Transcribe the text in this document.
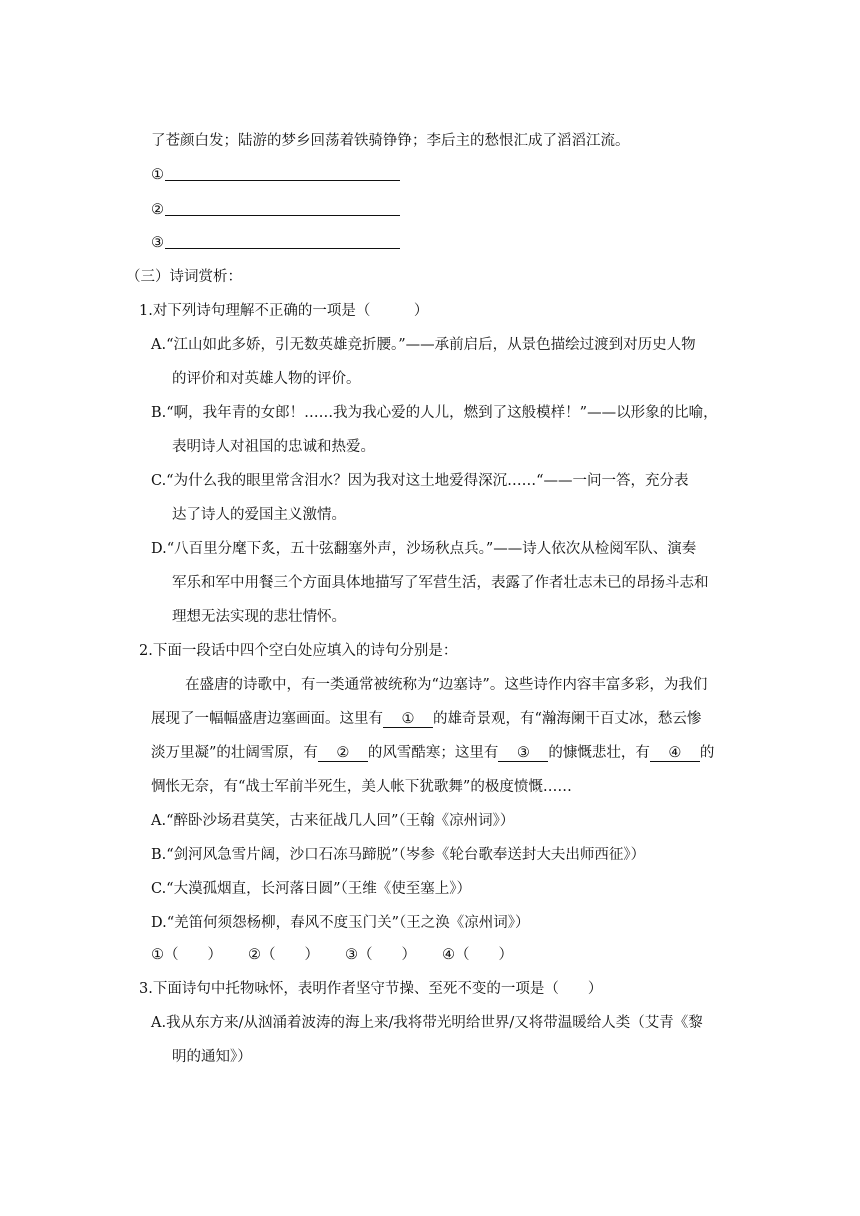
了苍颜白发；陆游的梦乡回荡着铁骑铮铮；李后主的愁恨汇成了滔滔江流。
①
②
③
（三）诗词赏析：
1.对下列诗句理解不正确的一项是（　　　）
A.“江山如此多娇，引无数英雄竞折腰。”——承前启后，从景色描绘过渡到对历史人物
的评价和对英雄人物的评价。
B.“啊，我年青的女郎！……我为我心爱的人儿，燃到了这般模样！”——以形象的比喻，
表明诗人对祖国的忠诚和热爱。
C.“为什么我的眼里常含泪水？因为我对这土地爱得深沉……“——一问一答，充分表
达了诗人的爱国主义激情。
D.“八百里分麾下炙，五十弦翻塞外声，沙场秋点兵。”——诗人依次从检阅军队、演奏
军乐和军中用餐三个方面具体地描写了军营生活，表露了作者壮志未已的昂扬斗志和
理想无法实现的悲壮情怀。
2.下面一段话中四个空白处应填入的诗句分别是：
在盛唐的诗歌中，有一类通常被统称为“边塞诗”。这些诗作内容丰富多彩，为我们
展现了一幅幅盛唐边塞画面。这里有 ① 的雄奇景观，有“瀚海阑干百丈冰，愁云惨
淡万里凝”的壮阔雪原，有 ② 的风雪酷寒；这里有 ③ 的慷慨悲壮，有 ④ 的
惆怅无奈，有“战士军前半死生，美人帐下犹歌舞”的极度愤慨……
A.“醉卧沙场君莫笑，古来征战几人回”（王翰《凉州词》）
B.“剑河风急雪片阔，沙口石冻马蹄脱”（岑参《轮台歌奉送封大夫出师西征》）
C.“大漠孤烟直，长河落日圆”（王维《使至塞上》）
D.“羌笛何须怨杨柳，春风不度玉门关”（王之涣《凉州词》）
①（　　） ②（　　） ③（　　） ④（　　）
3.下面诗句中托物咏怀，表明作者坚守节操、至死不变的一项是（　　）
A.我从东方来/从汹涌着波涛的海上来/我将带光明给世界/又将带温暖给人类（艾青《黎
明的通知》）
